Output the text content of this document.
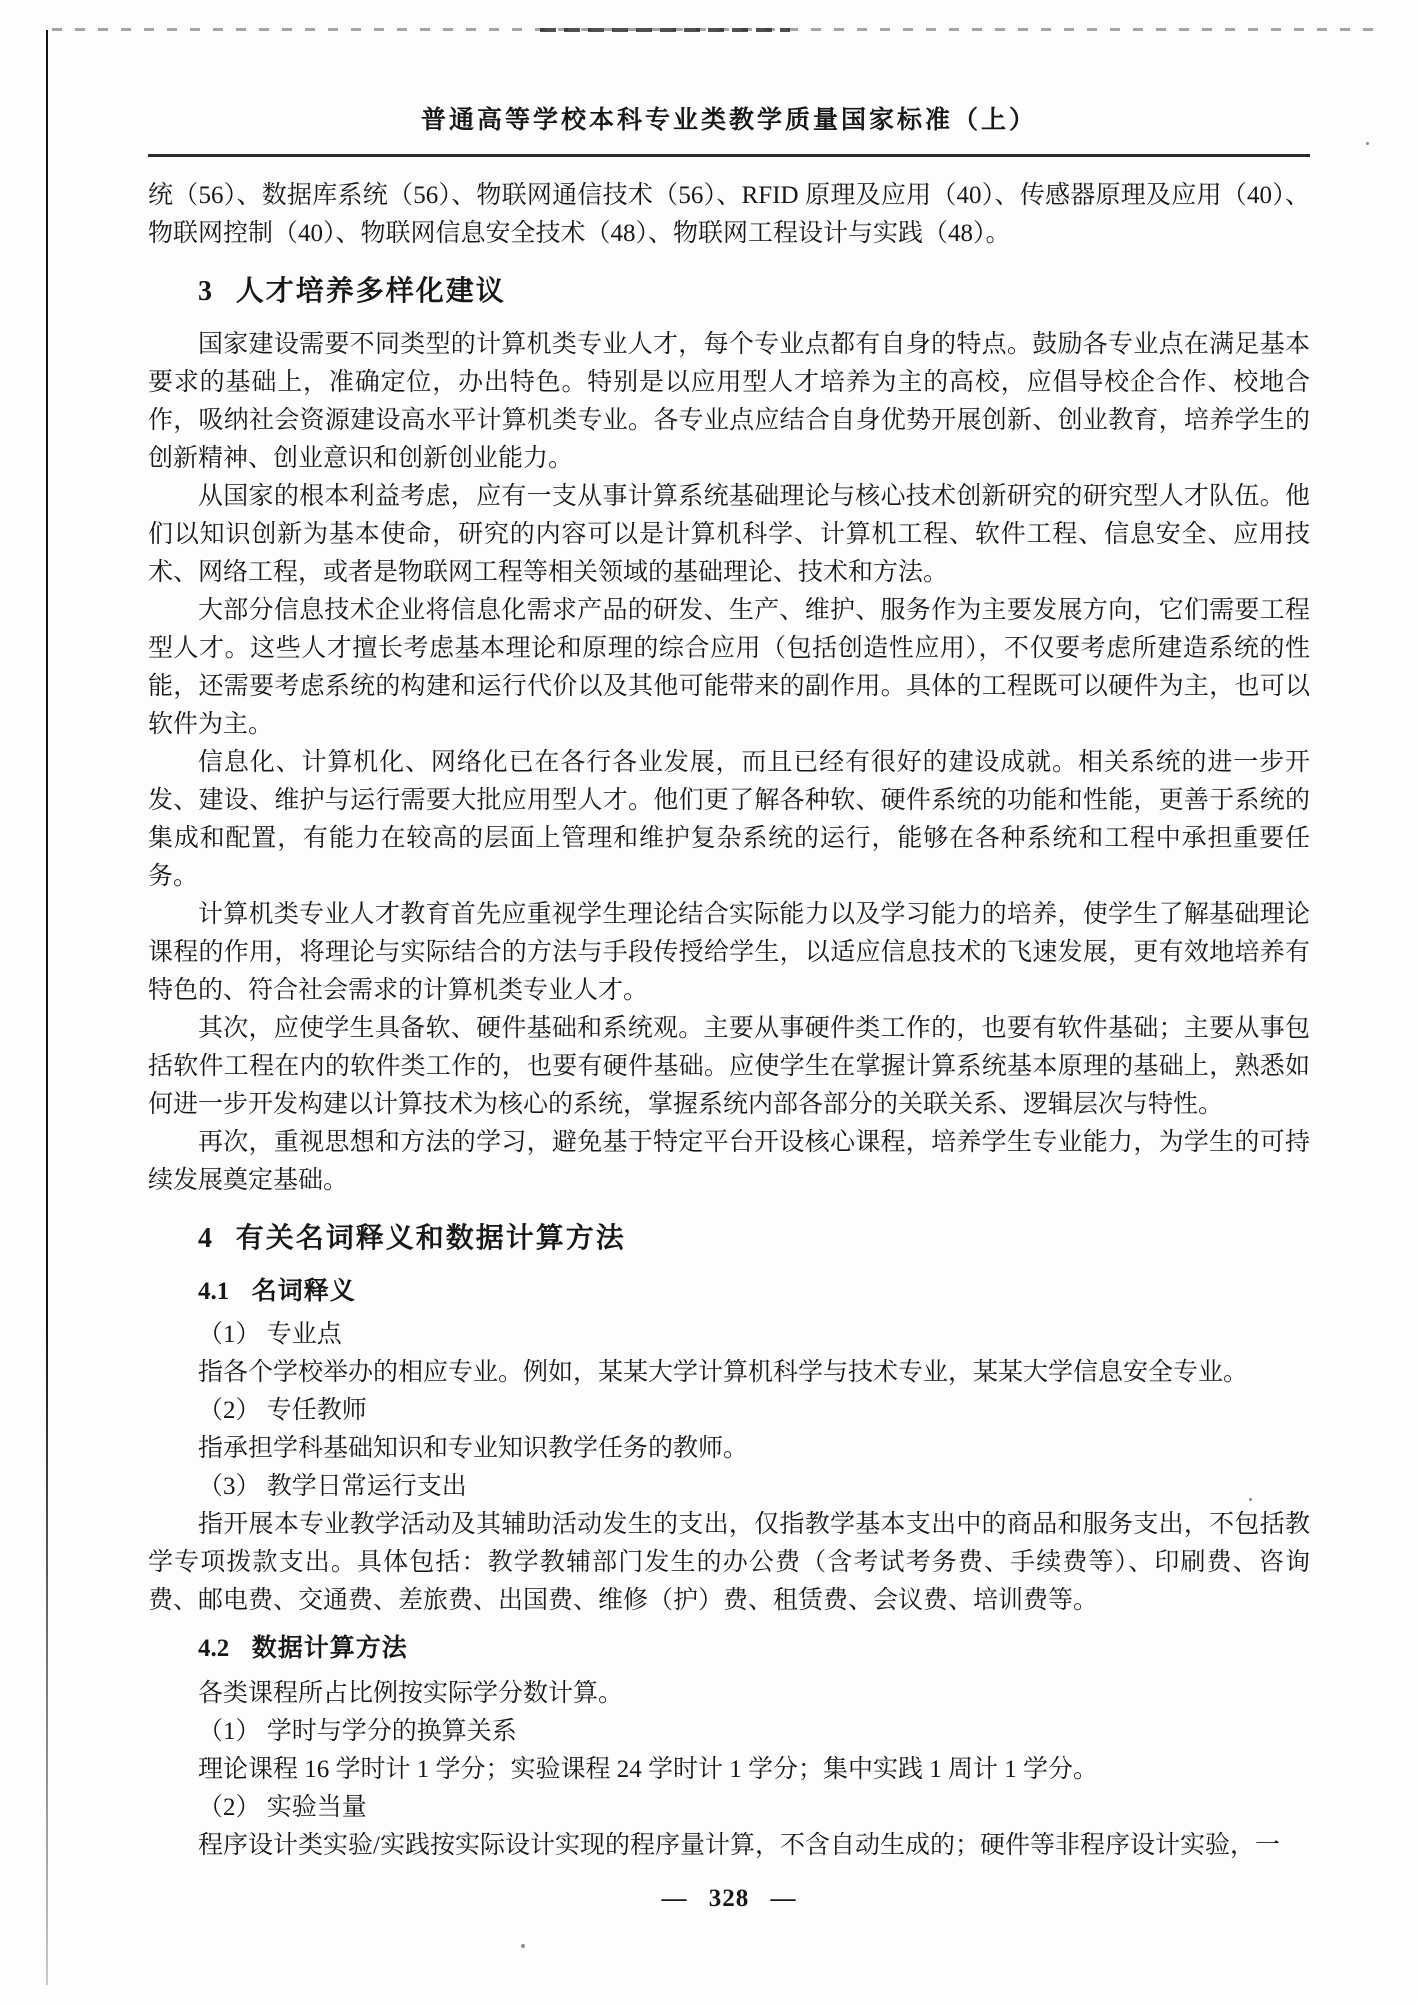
普通高等学校本科专业类教学质量国家标准（上）

统（56）、数据库系统（56）、物联网通信技术（56）、RFID 原理及应用（40）、传感器原理及应用（40）、物联网控制（40）、物联网信息安全技术（48）、物联网工程设计与实践（48）。

3 人才培养多样化建议

国家建设需要不同类型的计算机类专业人才，每个专业点都有自身的特点。鼓励各专业点在满足基本要求的基础上，准确定位，办出特色。特别是以应用型人才培养为主的高校，应倡导校企合作、校地合作，吸纳社会资源建设高水平计算机类专业。各专业点应结合自身优势开展创新、创业教育，培养学生的创新精神、创业意识和创新创业能力。

从国家的根本利益考虑，应有一支从事计算系统基础理论与核心技术创新研究的研究型人才队伍。他们以知识创新为基本使命，研究的内容可以是计算机科学、计算机工程、软件工程、信息安全、应用技术、网络工程，或者是物联网工程等相关领域的基础理论、技术和方法。

大部分信息技术企业将信息化需求产品的研发、生产、维护、服务作为主要发展方向，它们需要工程型人才。这些人才擅长考虑基本理论和原理的综合应用（包括创造性应用），不仅要考虑所建造系统的性能，还需要考虑系统的构建和运行代价以及其他可能带来的副作用。具体的工程既可以硬件为主，也可以软件为主。

信息化、计算机化、网络化已在各行各业发展，而且已经有很好的建设成就。相关系统的进一步开发、建设、维护与运行需要大批应用型人才。他们更了解各种软、硬件系统的功能和性能，更善于系统的集成和配置，有能力在较高的层面上管理和维护复杂系统的运行，能够在各种系统和工程中承担重要任务。

计算机类专业人才教育首先应重视学生理论结合实际能力以及学习能力的培养，使学生了解基础理论课程的作用，将理论与实际结合的方法与手段传授给学生，以适应信息技术的飞速发展，更有效地培养有特色的、符合社会需求的计算机类专业人才。

其次，应使学生具备软、硬件基础和系统观。主要从事硬件类工作的，也要有软件基础；主要从事包括软件工程在内的软件类工作的，也要有硬件基础。应使学生在掌握计算系统基本原理的基础上，熟悉如何进一步开发构建以计算技术为核心的系统，掌握系统内部各部分的关联关系、逻辑层次与特性。

再次，重视思想和方法的学习，避免基于特定平台开设核心课程，培养学生专业能力，为学生的可持续发展奠定基础。

4 有关名词释义和数据计算方法
4.1 名词释义

（1） 专业点

指各个学校举办的相应专业。例如，某某大学计算机科学与技术专业，某某大学信息安全专业。

（2） 专任教师

指承担学科基础知识和专业知识教学任务的教师。

（3） 教学日常运行支出

指开展本专业教学活动及其辅助活动发生的支出，仅指教学基本支出中的商品和服务支出，不包括教学专项拨款支出。具体包括：教学教辅部门发生的办公费（含考试考务费、手续费等）、印刷费、咨询费、邮电费、交通费、差旅费、出国费、维修（护）费、租赁费、会议费、培训费等。

4.2 数据计算方法

各类课程所占比例按实际学分数计算。

（1） 学时与学分的换算关系

理论课程 16 学时计 1 学分；实验课程 24 学时计 1 学分；集中实践 1 周计 1 学分。

（2） 实验当量

程序设计类实验/实践按实际设计实现的程序量计算，不含自动生成的；硬件等非程序设计实验，一

— 328 —
